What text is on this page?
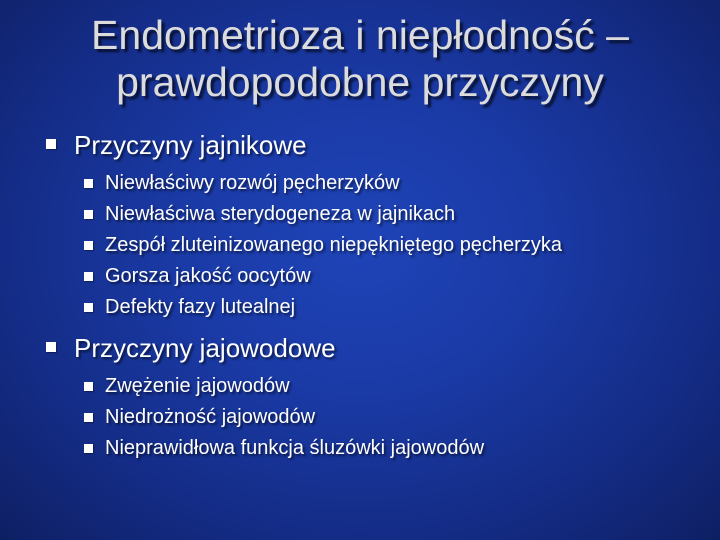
Endometrioza i niepłodność –
prawdopodobne przyczyny
Przyczyny jajnikowe
Niewłaściwy rozwój pęcherzyków
Niewłaściwa sterydogeneza w jajnikach
Zespół zluteinizowanego niepękniętego pęcherzyka
Gorsza jakość oocytów
Defekty fazy lutealnej
Przyczyny jajowodowe
Zwężenie jajowodów
Niedrożność jajowodów
Nieprawidłowa funkcja śluzówki jajowodów
